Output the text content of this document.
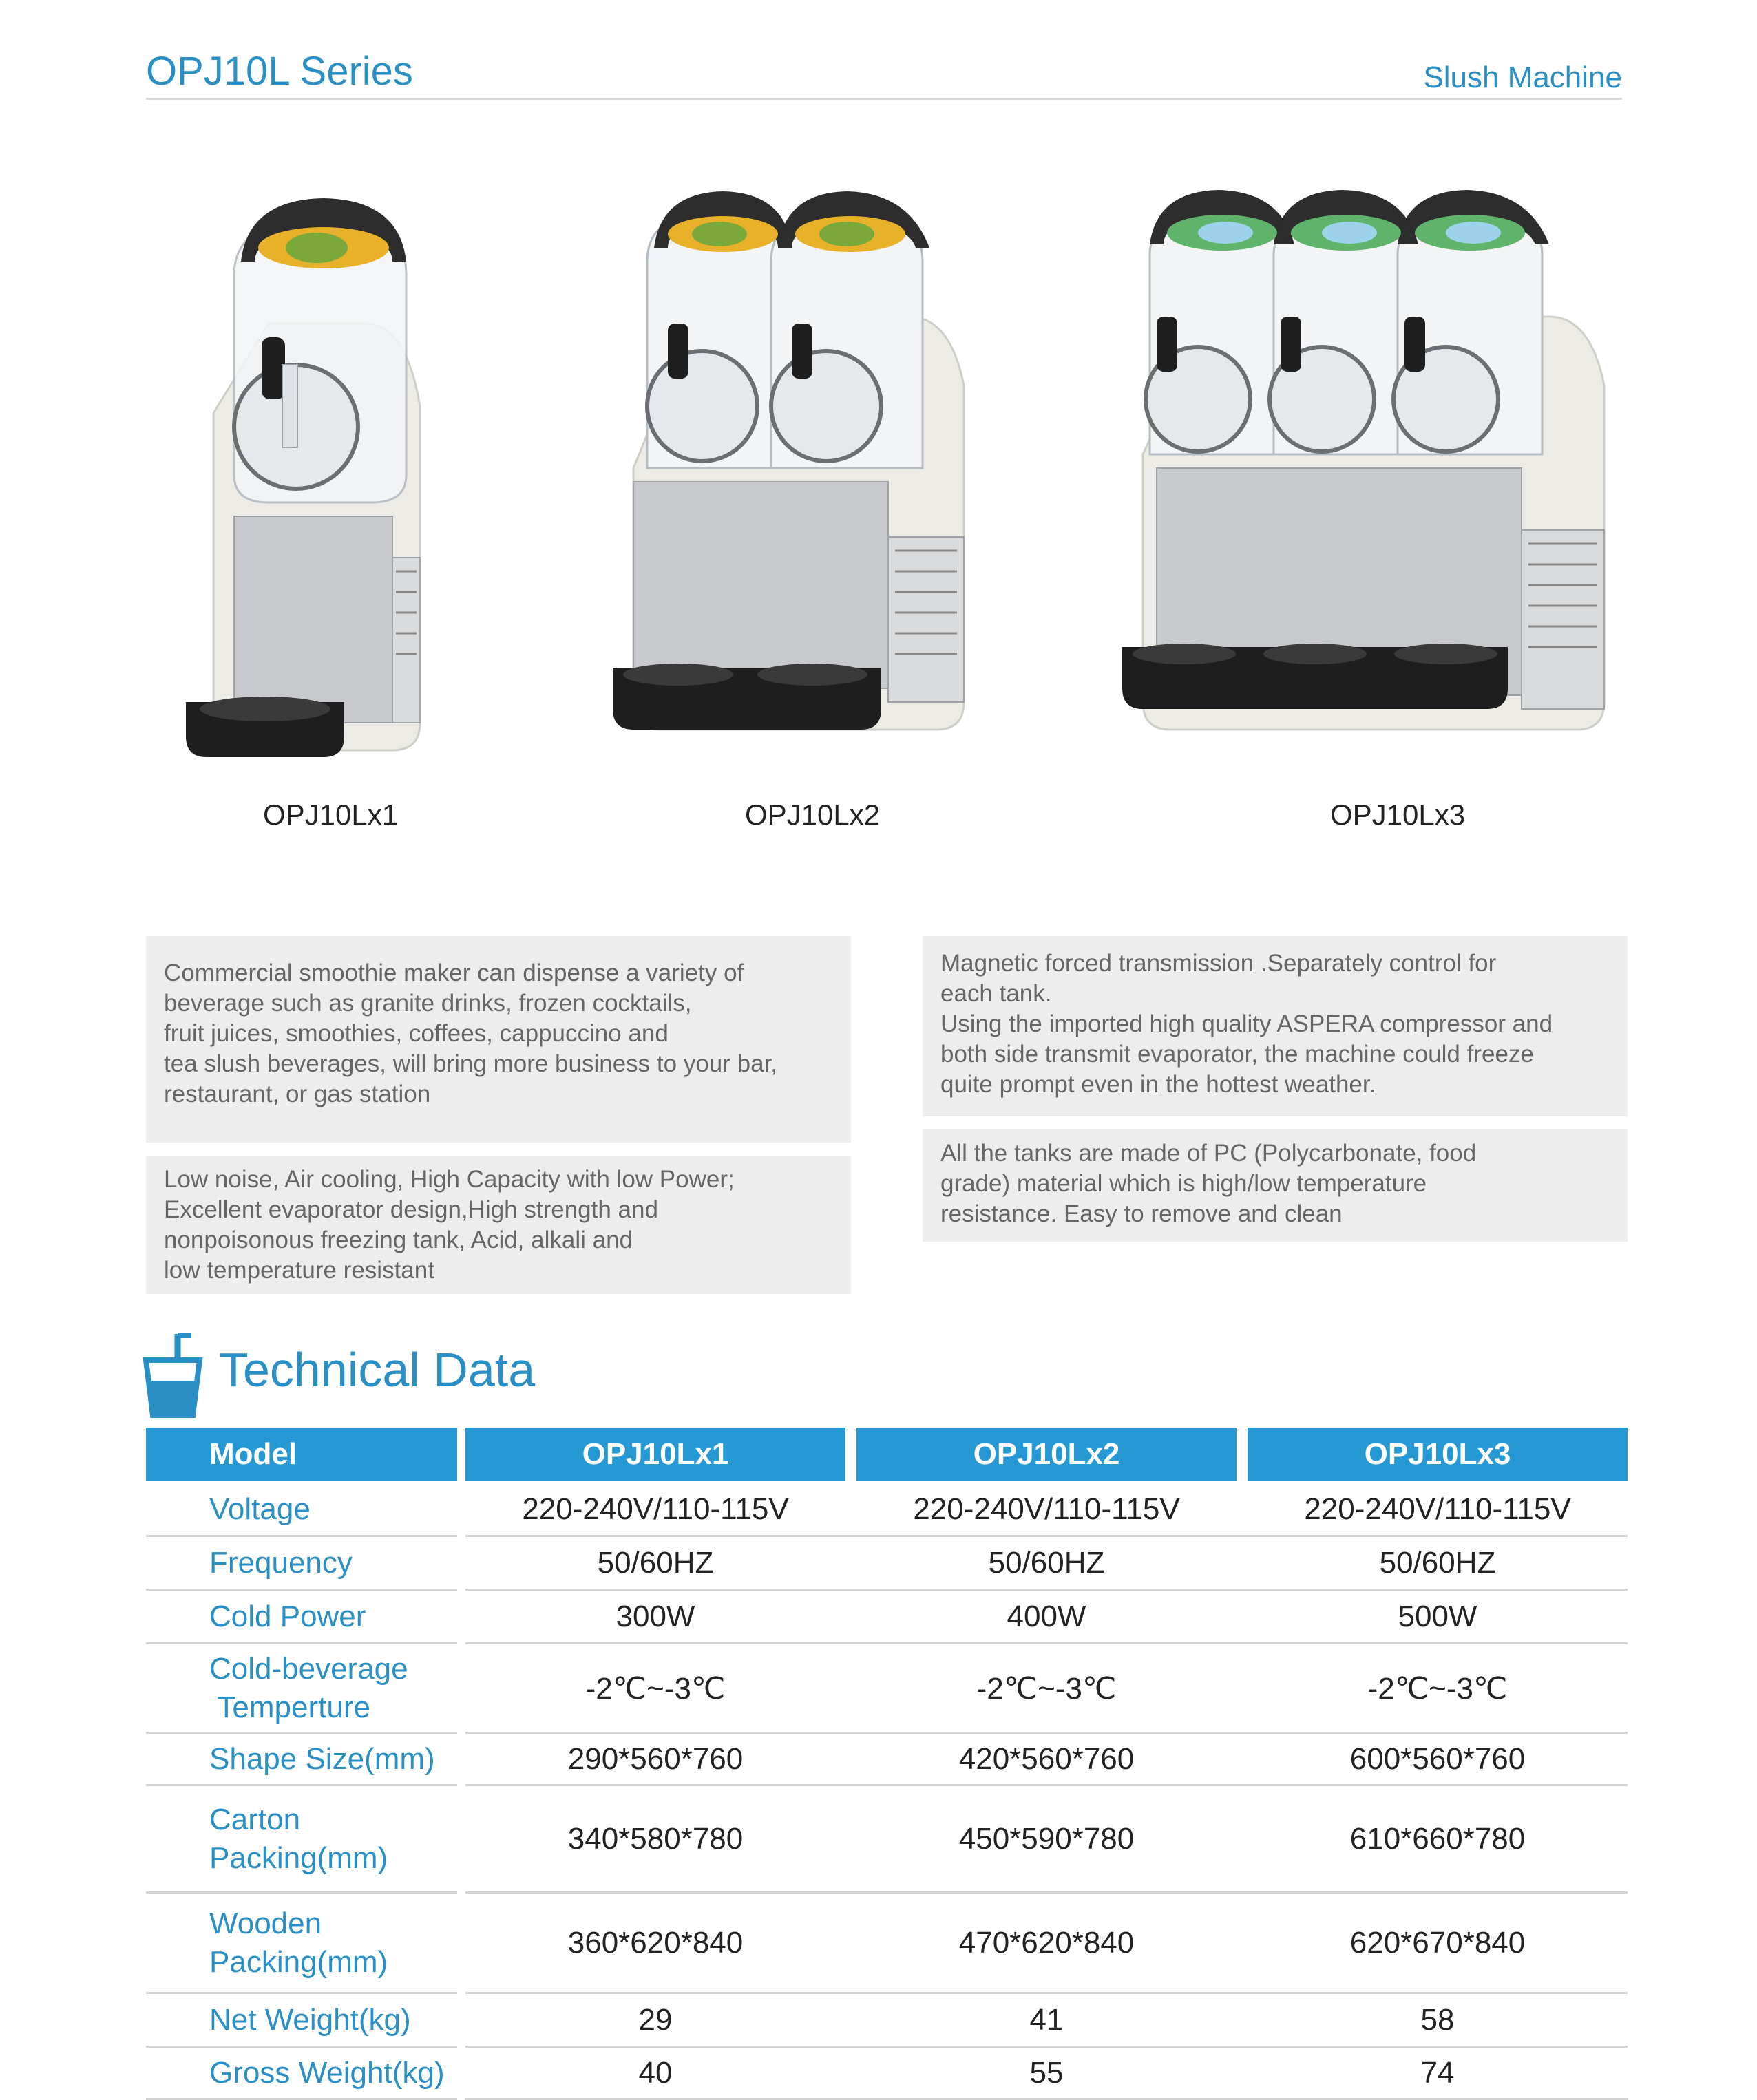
OPJ10L Series	Slush Machine
OPJ10Lx1	OPJ10Lx2	OPJ10Lx3
Commercial smoothie maker can dispense a variety of
beverage such as granite drinks, frozen cocktails,
fruit juices, smoothies, coffees, cappuccino and
tea slush beverages, will bring more business to your bar,
restaurant, or gas station
Low noise, Air cooling, High Capacity with low Power;
Excellent evaporator design,High strength and
nonpoisonous freezing tank, Acid, alkali and
low temperature resistant
Magnetic forced transmission .Separately control for
each tank.
Using the imported high quality ASPERA compressor and
both side transmit evaporator, the machine could freeze
quite prompt even in the hottest weather.
All the tanks are made of PC (Polycarbonate, food
grade) material which is high/low temperature
resistance. Easy to remove and clean
Technical Data
Model	OPJ10Lx1	OPJ10Lx2	OPJ10Lx3
Voltage	220-240V/110-115V	220-240V/110-115V	220-240V/110-115V
Frequency	50/60HZ	50/60HZ	50/60HZ
Cold Power	300W	400W	500W
Cold-beverage
Temperture
-2℃~-3℃	-2℃~-3℃	-2℃~-3℃
Shape Size(mm)	290*560*760	420*560*760	600*560*760
Carton
Packing(mm)
340*580*780	450*590*780	610*660*780
Wooden
Packing(mm)
360*620*840	470*620*840	620*670*840
Net Weight(kg)	29	41	58
Gross Weight(kg)	40	55	74
